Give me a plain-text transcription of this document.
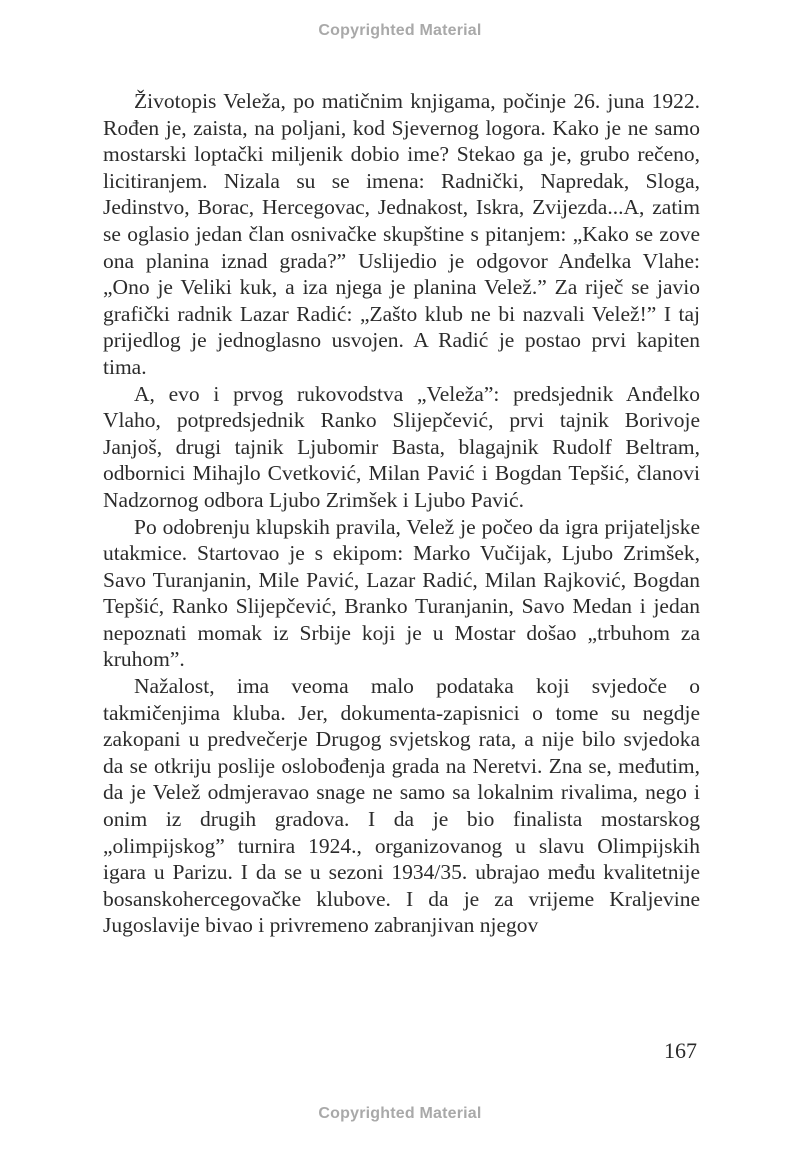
Copyrighted Material

Životopis Veleža, po matičnim knjigama, počinje 26. juna 1922. Rođen je, zaista, na poljani, kod Sjevernog logora. Kako je ne samo mostarski loptački miljenik dobio ime? Stekao ga je, grubo rečeno, licitiranjem. Nizala su se imena: Radnički, Napredak, Sloga, Jedinstvo, Borac, Hercegovac, Jednakost, Iskra, Zvijezda...A, zatim se oglasio jedan član osnivačke skupštine s pitanjem: „Kako se zove ona planina iznad grada?” Uslijedio je odgovor Anđelka Vlahe: „Ono je Veliki kuk, a iza njega je planina Velež.” Za riječ se javio grafički radnik Lazar Radić: „Zašto klub ne bi nazvali Velež!” I taj prijedlog je jednoglasno usvojen. A Radić je postao prvi kapiten tima.

A, evo i prvog rukovodstva „Veleža”: predsjednik Anđelko Vlaho, potpredsjednik Ranko Slijepčević, prvi tajnik Borivoje Janjoš, drugi tajnik Ljubomir Basta, blagajnik Rudolf Beltram, odbornici Mihajlo Cvetković, Milan Pavić i Bogdan Tepšić, članovi Nadzornog odbora Ljubo Zrimšek i Ljubo Pavić.

Po odobrenju klupskih pravila, Velež je počeo da igra prijateljske utakmice. Startovao je s ekipom: Marko Vučijak, Ljubo Zrimšek, Savo Turanjanin, Mile Pavić, Lazar Radić, Milan Rajković, Bogdan Tepšić, Ranko Slijepčević, Branko Turanjanin, Savo Medan i jedan nepoznati momak iz Srbije koji je u Mostar došao „trbuhom za kruhom”.

Nažalost, ima veoma malo podataka koji svjedoče o takmičenjima kluba. Jer, dokumenta-zapisnici o tome su negdje zakopani u predvečerje Drugog svjetskog rata, a nije bilo svjedoka da se otkriju poslije oslobođenja grada na Neretvi. Zna se, međutim, da je Velež odmjeravao snage ne samo sa lokalnim rivalima, nego i onim iz drugih gradova. I da je bio finalista mostarskog „olimpijskog” turnira 1924., organizovanog u slavu Olimpijskih igara u Parizu. I da se u sezoni 1934/35. ubrajao među kvalitetnije bosanskohercegovačke klubove. I da je za vrijeme Kraljevine Jugoslavije bivao i privremeno zabranjivan njegov

167
Copyrighted Material
